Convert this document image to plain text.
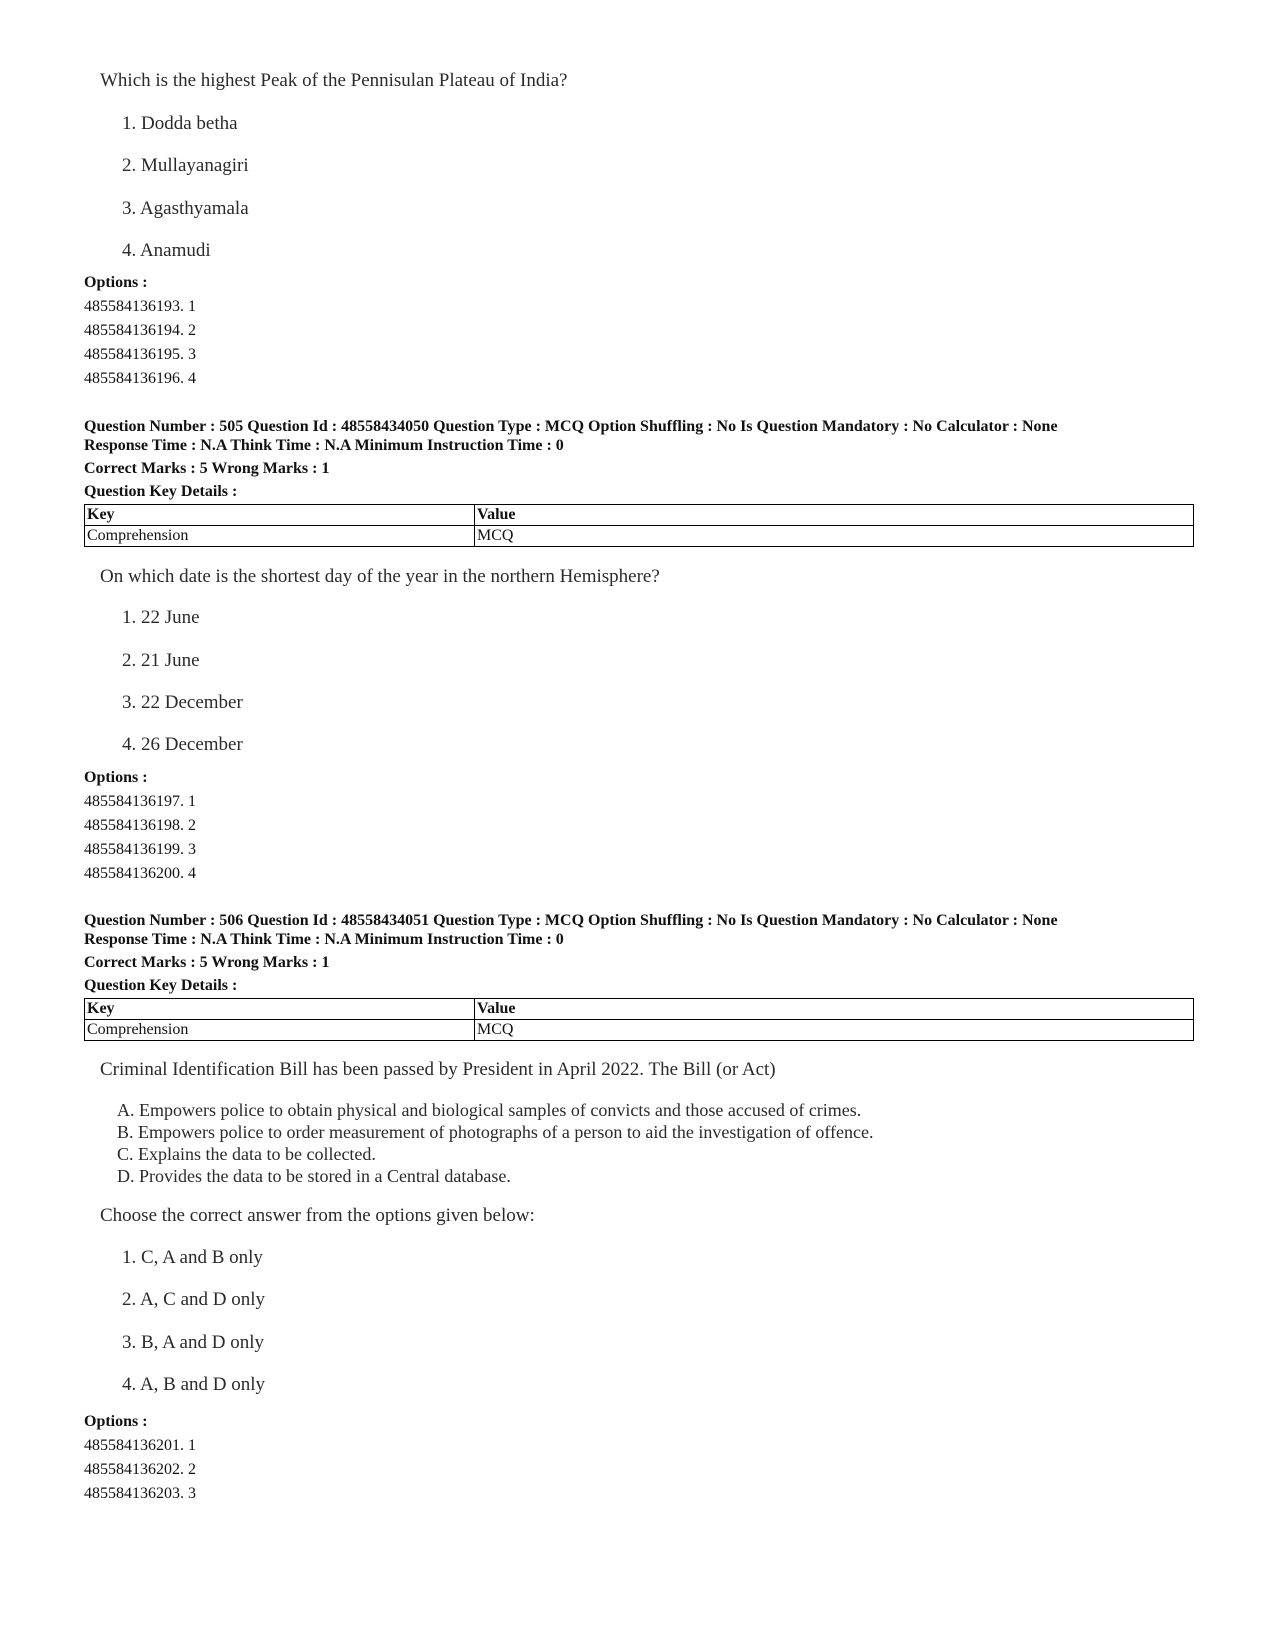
Which is the highest Peak of the Pennisulan Plateau of India?
1. Dodda betha
2. Mullayanagiri
3. Agasthyamala
4. Anamudi
Options :
485584136193. 1
485584136194. 2
485584136195. 3
485584136196. 4
Question Number : 505 Question Id : 48558434050 Question Type : MCQ Option Shuffling : No Is Question Mandatory : No Calculator : None
Response Time : N.A Think Time : N.A Minimum Instruction Time : 0
Correct Marks : 5 Wrong Marks : 1
Question Key Details :
Key	Value
Comprehension	MCQ
On which date is the shortest day of the year in the northern Hemisphere?
1. 22 June
2. 21 June
3. 22 December
4. 26 December
Options :
485584136197. 1
485584136198. 2
485584136199. 3
485584136200. 4
Question Number : 506 Question Id : 48558434051 Question Type : MCQ Option Shuffling : No Is Question Mandatory : No Calculator : None
Response Time : N.A Think Time : N.A Minimum Instruction Time : 0
Correct Marks : 5 Wrong Marks : 1
Question Key Details :
Key	Value
Comprehension	MCQ
Criminal Identification Bill has been passed by President in April 2022. The Bill (or Act)
A. Empowers police to obtain physical and biological samples of convicts and those accused of crimes.
B. Empowers police to order measurement of photographs of a person to aid the investigation of offence.
C. Explains the data to be collected.
D. Provides the data to be stored in a Central database.
Choose the correct answer from the options given below:
1. C, A and B only
2. A, C and D only
3. B, A and D only
4. A, B and D only
Options :
485584136201. 1
485584136202. 2
485584136203. 3
